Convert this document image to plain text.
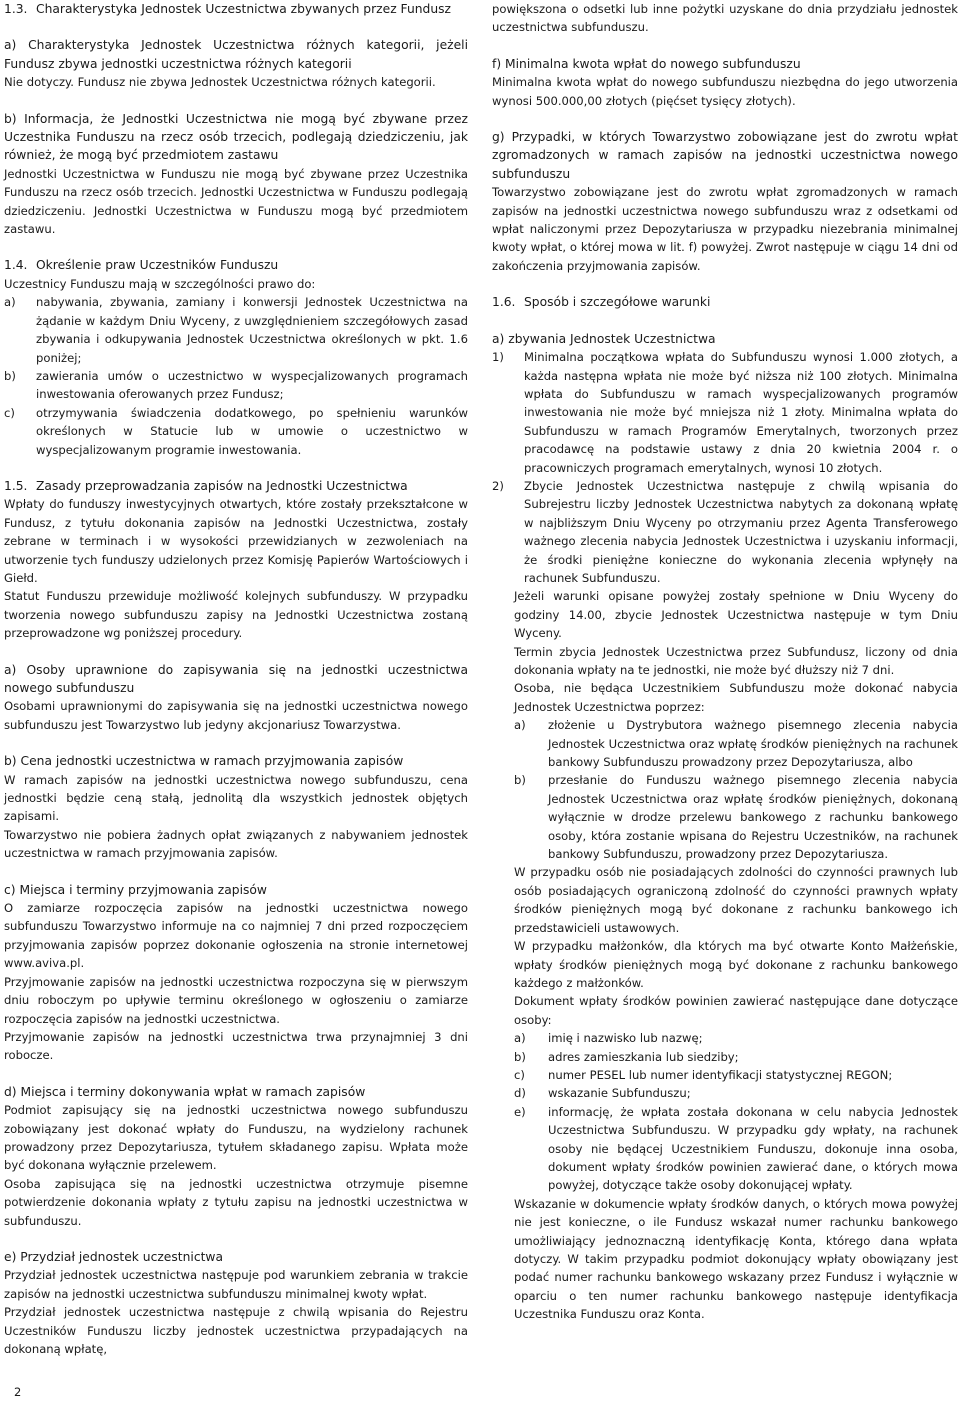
1.3. Charakterystyka Jednostek Uczestnictwa zbywanych przez Fundusz

a) Charakterystyka Jednostek Uczestnictwa różnych kategorii, jeżeli Fundusz zbywa jednostki uczestnictwa różnych kategorii

Nie dotyczy. Fundusz nie zbywa Jednostek Uczestnictwa różnych kategorii.

b) Informacja, że Jednostki Uczestnictwa nie mogą być zbywane przez Uczestnika Funduszu na rzecz osób trzecich, podlegają dziedziczeniu, jak również, że mogą być przedmiotem zastawu

Jednostki Uczestnictwa w Funduszu nie mogą być zbywane przez Uczestnika Funduszu na rzecz osób trzecich. Jednostki Uczestnictwa w Funduszu podlegają dziedziczeniu. Jednostki Uczestnictwa w Funduszu mogą być przedmiotem zastawu.

1.4. Określenie praw Uczestników Funduszu

Uczestnicy Funduszu mają w szczególności prawo do:

a)	nabywania, zbywania, zamiany i konwersji Jednostek Uczestnictwa na żądanie w każdym Dniu Wyceny, z uwzględnieniem szczegółowych zasad zbywania i odkupywania Jednostek Uczestnictwa określonych w pkt. 1.6 poniżej;
b)	zawierania umów o uczestnictwo w wyspecjalizowanych programach inwestowania oferowanych przez Fundusz;
c)	otrzymywania świadczenia dodatkowego, po spełnieniu warunków określonych w Statucie lub w umowie o uczestnictwo w wyspecjalizowanym programie inwestowania.

1.5. Zasady przeprowadzania zapisów na Jednostki Uczestnictwa

Wpłaty do funduszy inwestycyjnych otwartych, które zostały przekształcone w Fundusz, z tytułu dokonania zapisów na Jednostki Uczestnictwa, zostały zebrane w terminach i w wysokości przewidzianych w zezwoleniach na utworzenie tych funduszy udzielonych przez Komisję Papierów Wartościowych i Giełd.

Statut Funduszu przewiduje możliwość kolejnych subfunduszy. W przypadku tworzenia nowego subfunduszu zapisy na Jednostki Uczestnictwa zostaną przeprowadzone wg poniższej procedury.

a) Osoby uprawnione do zapisywania się na jednostki uczestnictwa nowego subfunduszu

Osobami uprawnionymi do zapisywania się na jednostki uczestnictwa nowego subfunduszu jest Towarzystwo lub jedyny akcjonariusz Towarzystwa.

b) Cena jednostki uczestnictwa w ramach przyjmowania zapisów

W ramach zapisów na jednostki uczestnictwa nowego subfunduszu, cena jednostki będzie ceną stałą, jednolitą dla wszystkich jednostek objętych zapisami.

Towarzystwo nie pobiera żadnych opłat związanych z nabywaniem jednostek uczestnictwa w ramach przyjmowania zapisów.

c) Miejsca i terminy przyjmowania zapisów

O zamiarze rozpoczęcia zapisów na jednostki uczestnictwa nowego subfunduszu Towarzystwo informuje na co najmniej 7 dni przed rozpoczęciem przyjmowania zapisów poprzez dokonanie ogłoszenia na stronie internetowej www.aviva.pl.

Przyjmowanie zapisów na jednostki uczestnictwa rozpoczyna się w pierwszym dniu roboczym po upływie terminu określonego w ogłoszeniu o zamiarze rozpoczęcia zapisów na jednostki uczestnictwa.

Przyjmowanie zapisów na jednostki uczestnictwa trwa przynajmniej 3 dni robocze.

d) Miejsca i terminy dokonywania wpłat w ramach zapisów

Podmiot zapisujący się na jednostki uczestnictwa nowego subfunduszu zobowiązany jest dokonać wpłaty do Funduszu, na wydzielony rachunek prowadzony przez Depozytariusza, tytułem składanego zapisu. Wpłata może być dokonana wyłącznie przelewem.

Osoba zapisująca się na jednostki uczestnictwa otrzymuje pisemne potwierdzenie dokonania wpłaty z tytułu zapisu na jednostki uczestnictwa w subfunduszu.

e) Przydział jednostek uczestnictwa

Przydział jednostek uczestnictwa następuje pod warunkiem zebrania w trakcie zapisów na jednostki uczestnictwa subfunduszu minimalnej kwoty wpłat.

Przydział jednostek uczestnictwa następuje z chwilą wpisania do Rejestru Uczestników Funduszu liczby jednostek uczestnictwa przypadających na dokonaną wpłatę,

powiększona o odsetki lub inne pożytki uzyskane do dnia przydziału jednostek uczestnictwa subfunduszu.

f) Minimalna kwota wpłat do nowego subfunduszu

Minimalna kwota wpłat do nowego subfunduszu niezbędna do jego utworzenia wynosi 500.000,00 złotych (pięćset tysięcy złotych).

g) Przypadki, w których Towarzystwo zobowiązane jest do zwrotu wpłat zgromadzonych w ramach zapisów na jednostki uczestnictwa nowego subfunduszu

Towarzystwo zobowiązane jest do zwrotu wpłat zgromadzonych w ramach zapisów na jednostki uczestnictwa nowego subfunduszu wraz z odsetkami od wpłat naliczonymi przez Depozytariusza w przypadku niezebrania minimalnej kwoty wpłat, o której mowa w lit. f) powyżej. Zwrot następuje w ciągu 14 dni od zakończenia przyjmowania zapisów.

1.6. Sposób i szczegółowe warunki

a) zbywania Jednostek Uczestnictwa

1)	Minimalna początkowa wpłata do Subfunduszu wynosi 1.000 złotych, a każda następna wpłata nie może być niższa niż 100 złotych. Minimalna wpłata do Subfunduszu w ramach wyspecjalizowanych programów inwestowania nie może być mniejsza niż 1 złoty. Minimalna wpłata do Subfunduszu w ramach Programów Emerytalnych, tworzonych przez pracodawcę na podstawie ustawy z dnia 20 kwietnia 2004 r. o pracowniczych programach emerytalnych, wynosi 10 złotych.
2)	Zbycie Jednostek Uczestnictwa następuje z chwilą wpisania do Subrejestru liczby Jednostek Uczestnictwa nabytych za dokonaną wpłatę w najbliższym Dniu Wyceny po otrzymaniu przez Agenta Transferowego ważnego zlecenia nabycia Jednostek Uczestnictwa i uzyskaniu informacji, że środki pieniężne konieczne do wykonania zlecenia wpłynęły na rachunek Subfunduszu.

Jeżeli warunki opisane powyżej zostały spełnione w Dniu Wyceny do godziny 14.00, zbycie Jednostek Uczestnictwa następuje w tym Dniu Wyceny.

Termin zbycia Jednostek Uczestnictwa przez Subfundusz, liczony od dnia dokonania wpłaty na te jednostki, nie może być dłuższy niż 7 dni.

Osoba, nie będąca Uczestnikiem Subfunduszu może dokonać nabycia Jednostek Uczestnictwa poprzez:

a)	złożenie u Dystrybutora ważnego pisemnego zlecenia nabycia Jednostek Uczestnictwa oraz wpłatę środków pieniężnych na rachunek bankowy Subfunduszu prowadzony przez Depozytariusza, albo
b)	przesłanie do Funduszu ważnego pisemnego zlecenia nabycia Jednostek Uczestnictwa oraz wpłatę środków pieniężnych, dokonaną wyłącznie w drodze przelewu bankowego z rachunku bankowego osoby, która zostanie wpisana do Rejestru Uczestników, na rachunek bankowy Subfunduszu, prowadzony przez Depozytariusza.

W przypadku osób nie posiadających zdolności do czynności prawnych lub osób posiadających ograniczoną zdolność do czynności prawnych wpłaty środków pieniężnych mogą być dokonane z rachunku bankowego ich przedstawicieli ustawowych.

W przypadku małżonków, dla których ma być otwarte Konto Małżeńskie, wpłaty środków pieniężnych mogą być dokonane z rachunku bankowego każdego z małżonków.

Dokument wpłaty środków powinien zawierać następujące dane dotyczące osoby:

a)	imię i nazwisko lub nazwę;
b)	adres zamieszkania lub siedziby;
c)	numer PESEL lub numer identyfikacji statystycznej REGON;
d)	wskazanie Subfunduszu;
e)	informację, że wpłata została dokonana w celu nabycia Jednostek Uczestnictwa Subfunduszu. W przypadku gdy wpłaty, na rachunek osoby nie będącej Uczestnikiem Funduszu, dokonuje inna osoba, dokument wpłaty środków powinien zawierać dane, o których mowa powyżej, dotyczące także osoby dokonującej wpłaty.

Wskazanie w dokumencie wpłaty środków danych, o których mowa powyżej nie jest konieczne, o ile Fundusz wskazał numer rachunku bankowego umożliwiający jednoznaczną identyfikację Konta, którego dana wpłata dotyczy. W takim przypadku podmiot dokonujący wpłaty obowiązany jest podać numer rachunku bankowego wskazany przez Fundusz i wyłącznie w oparciu o ten numer rachunku bankowego następuje identyfikacja Uczestnika Funduszu oraz Konta.

2
